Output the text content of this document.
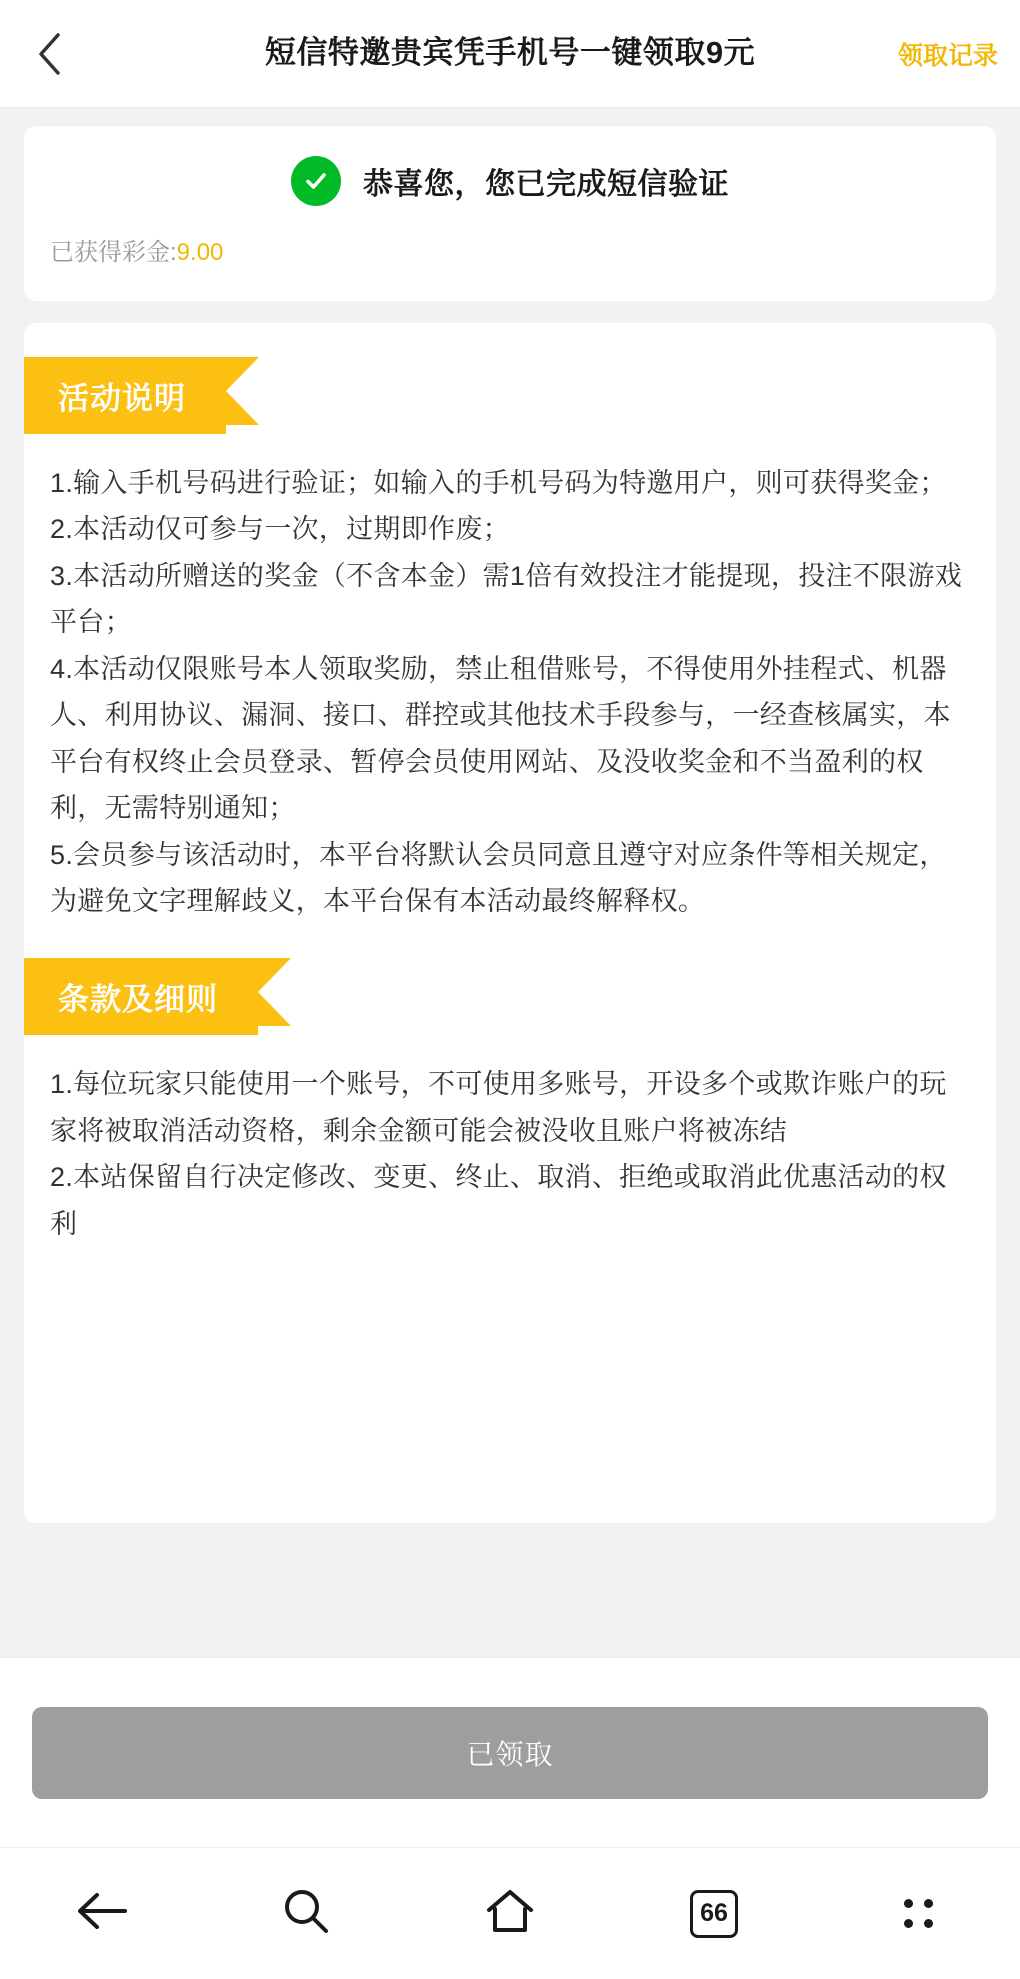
短信特邀贵宾凭手机号一键领取9元	领取记录
恭喜您，您已完成短信验证
已获得彩金:9.00
活动说明

1.输入手机号码进行验证；如输入的手机号码为特邀用户，则可获得奖金；

2.本活动仅可参与一次，过期即作废；

3.本活动所赠送的奖金（不含本金）需1倍有效投注才能提现，投注不限游戏平台；

4.本活动仅限账号本人领取奖励，禁止租借账号，不得使用外挂程式、机器人、利用协议、漏洞、接口、群控或其他技术手段参与，一经查核属实，本平台有权终止会员登录、暂停会员使用网站、及没收奖金和不当盈利的权利，无需特别通知；

5.会员参与该活动时，本平台将默认会员同意且遵守对应条件等相关规定，为避免文字理解歧义，本平台保有本活动最终解释权。

条款及细则

1.每位玩家只能使用一个账号，不可使用多账号，开设多个或欺诈账户的玩家将被取消活动资格，剩余金额可能会被没收且账户将被冻结

2.本站保留自行决定修改、变更、终止、取消、拒绝或取消此优惠活动的权利

已领取
66
